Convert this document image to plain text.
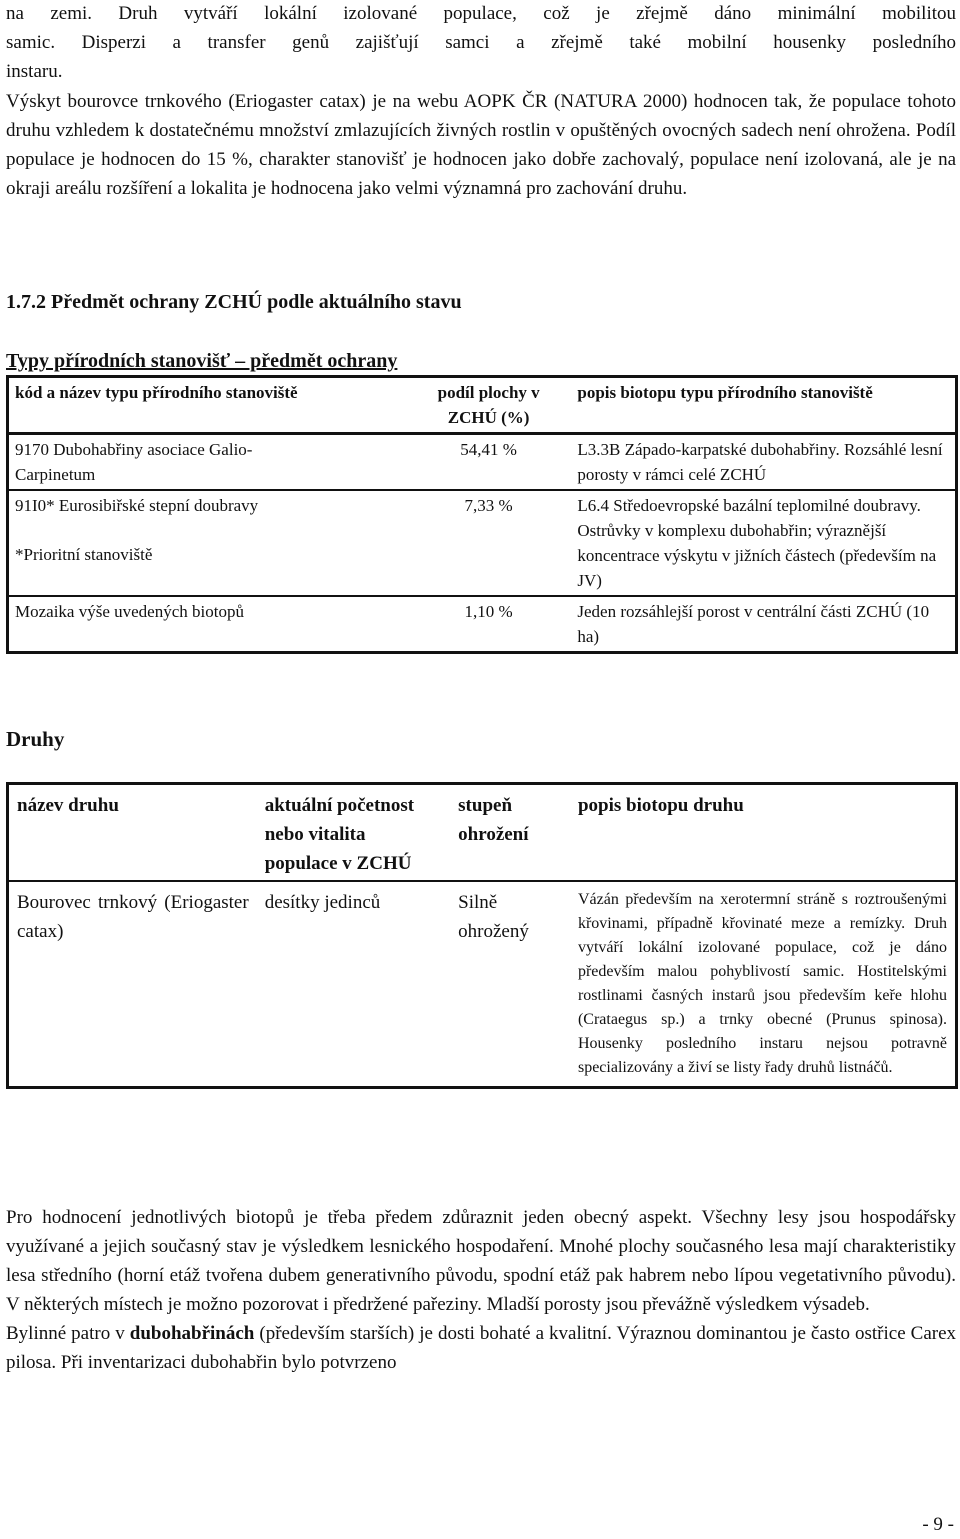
na zemi. Druh vytváří lokální izolované populace, což je zřejmě dáno minimální mobilitou
samic. Disperzi a transfer genů zajišťují samci a zřejmě také mobilní housenky posledního
instaru.

Výskyt bourovce trnkového (Eriogaster catax) je na webu AOPK ČR (NATURA 2000) hodnocen tak, že populace tohoto druhu vzhledem k dostatečnému množství zmlazujících živných rostlin v opuštěných ovocných sadech není ohrožena. Podíl populace je hodnocen do 15 %, charakter stanovišť je hodnocen jako dobře zachovalý, populace není izolovaná, ale je na okraji areálu rozšíření a lokalita je hodnocena jako velmi významná pro zachování druhu.

1.7.2 Předmět ochrany ZCHÚ podle aktuálního stavu
Typy přírodních stanovišť – předmět ochrany
kód a název typu přírodního stanoviště	podíl plochy v ZCHÚ (%)	popis biotopu typu přírodního stanoviště
9170 Dubohabřiny asociace Galio-Carpinetum	54,41 %	L3.3B Západo-karpatské dubohabřiny. Rozsáhlé lesní porosty v rámci celé ZCHÚ

91I0* Eurosibiřské stepní doubravy
*Prioritní stanoviště	7,33 %	L6.4 Středoevropské bazální teplomilné doubravy. Ostrůvky v komplexu dubohabřin; výraznější koncentrace výskytu v jižních částech (především na JV)
Mozaika výše uvedených biotopů	1,10 %	Jeden rozsáhlejší porost v centrální části ZCHÚ (10 ha)
Druhy
název druhu	aktuální početnost nebo vitalita populace v ZCHÚ	stupeň ohrožení	popis biotopu druhu
Bourovec trnkový (Eriogaster catax)	desítky jedinců	Silně ohrožený	Vázán především na xerotermní stráně s roztroušenými křovinami, případně křovinaté meze a remízky. Druh vytváří lokální izolované populace, což je dáno především malou pohyblivostí samic. Hostitelskými rostlinami časných instarů jsou především keře hlohu (Crataegus sp.) a trnky obecné (Prunus spinosa). Housenky posledního instaru nejsou potravně specializovány a živí se listy řady druhů listnáčů.

Pro hodnocení jednotlivých biotopů je třeba předem zdůraznit jeden obecný aspekt. Všechny lesy jsou hospodářsky využívané a jejich současný stav je výsledkem lesnického hospodaření. Mnohé plochy současného lesa mají charakteristiky lesa středního (horní etáž tvořena dubem generativního původu, spodní etáž pak habrem nebo lípou vegetativního původu). V některých místech je možno pozorovat i předržené pařeziny. Mladší porosty jsou převážně výsledkem výsadeb.

Bylinné patro v dubohabřinách (především starších) je dosti bohaté a kvalitní. Výraznou dominantou je často ostřice Carex pilosa. Při inventarizaci dubohabřin bylo potvrzeno

- 9 -
